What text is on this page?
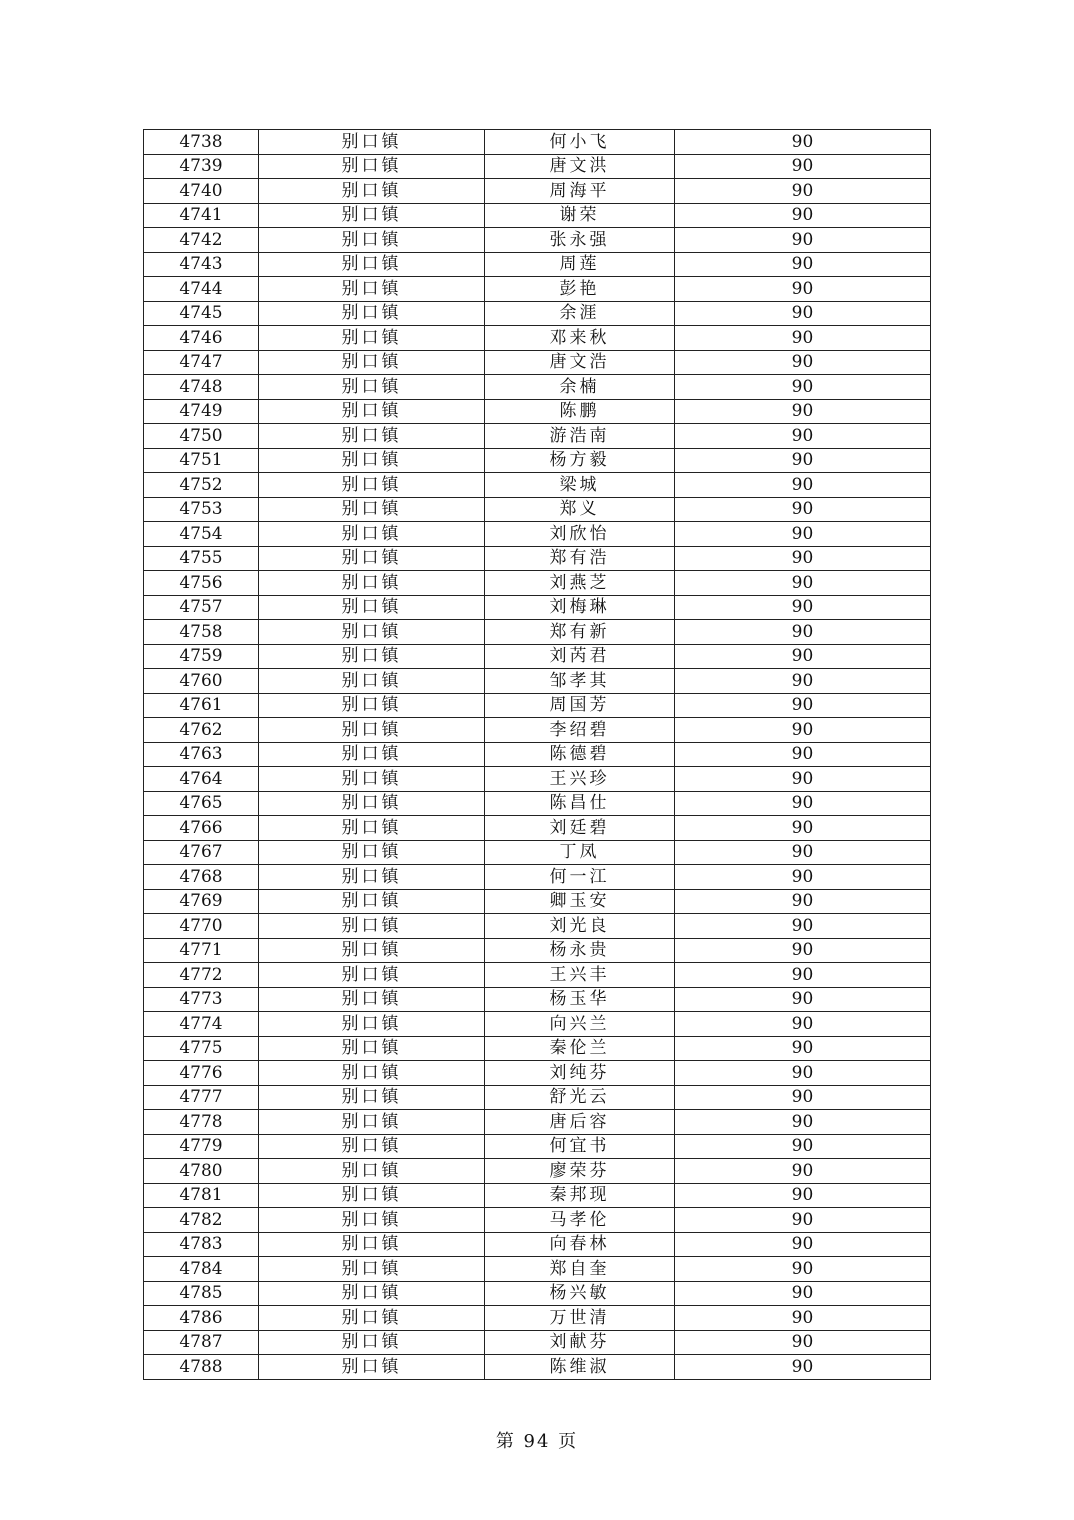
4738	别口镇	何小飞	90
4739	别口镇	唐文洪	90
4740	别口镇	周海平	90
4741	别口镇	谢荣	90
4742	别口镇	张永强	90
4743	别口镇	周莲	90
4744	别口镇	彭艳	90
4745	别口镇	余涯	90
4746	别口镇	邓来秋	90
4747	别口镇	唐文浩	90
4748	别口镇	余楠	90
4749	别口镇	陈鹏	90
4750	别口镇	游浩南	90
4751	别口镇	杨方毅	90
4752	别口镇	梁城	90
4753	别口镇	郑义	90
4754	别口镇	刘欣怡	90
4755	别口镇	郑有浩	90
4756	别口镇	刘燕芝	90
4757	别口镇	刘梅琳	90
4758	别口镇	郑有新	90
4759	别口镇	刘芮君	90
4760	别口镇	邹孝其	90
4761	别口镇	周国芳	90
4762	别口镇	李绍碧	90
4763	别口镇	陈德碧	90
4764	别口镇	王兴珍	90
4765	别口镇	陈昌仕	90
4766	别口镇	刘廷碧	90
4767	别口镇	丁凤	90
4768	别口镇	何一江	90
4769	别口镇	卿玉安	90
4770	别口镇	刘光良	90
4771	别口镇	杨永贵	90
4772	别口镇	王兴丰	90
4773	别口镇	杨玉华	90
4774	别口镇	向兴兰	90
4775	别口镇	秦伦兰	90
4776	别口镇	刘纯芬	90
4777	别口镇	舒光云	90
4778	别口镇	唐后容	90
4779	别口镇	何宜书	90
4780	别口镇	廖荣芬	90
4781	别口镇	秦邦现	90
4782	别口镇	马孝伦	90
4783	别口镇	向春林	90
4784	别口镇	郑自奎	90
4785	别口镇	杨兴敏	90
4786	别口镇	万世清	90
4787	别口镇	刘献芬	90
4788	别口镇	陈维淑	90
第 94 页
